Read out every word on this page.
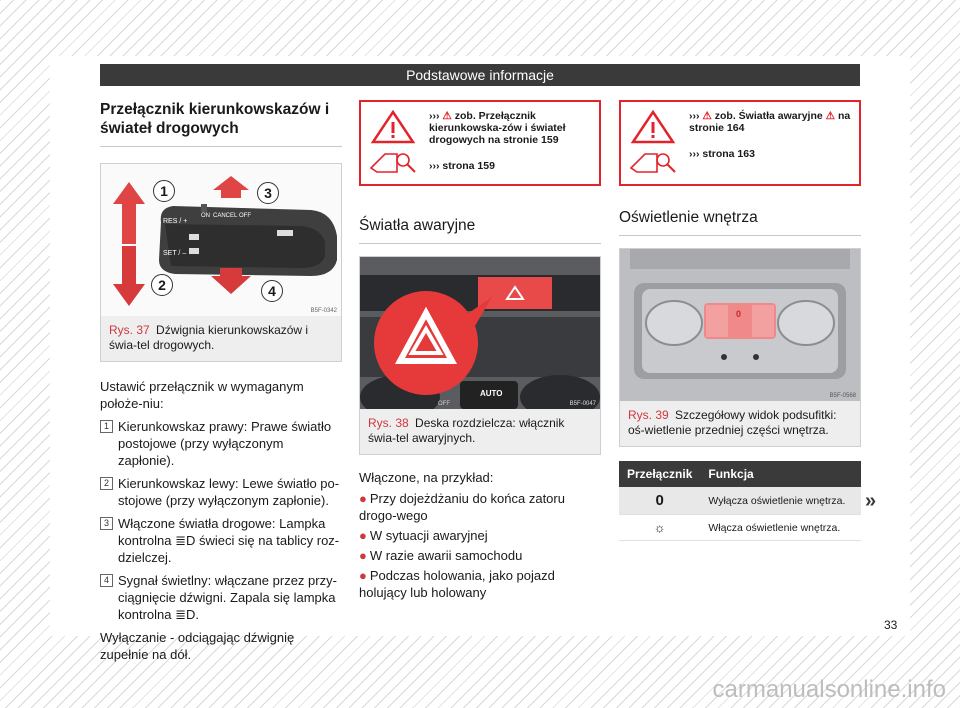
Podstawowe informacje
Przełącznik kierunkowskazów i świateł drogowych
RES / +
ON CANCEL OFF
SET / –
1
2
3
4
B5F-0342
Rys. 37 Dźwignia kierunkowskazów i świa-tel drogowych.

Ustawić przełącznik w wymaganym położe-niu:

1 Kierunkowskaz prawy: Prawe światło postojowe (przy wyłączonym zapłonie).
2 Kierunkowskaz lewy: Lewe światło po-stojowe (przy wyłączonym zapłonie).
3 Włączone światła drogowe: Lampka kontrolna ≣D świeci się na tablicy roz-dzielczej.
4 Sygnał świetlny: włączane przez przy-ciągnięcie dźwigni. Zapala się lampka kontrolna ≣D.

Wyłączanie - odciągając dźwignię zupełnie na dół.

››› ⚠ zob. Przełącznik kierunkowska-zów i świateł drogowych na stronie 159
››› strona 159
Światła awaryjne
AUTO
OFF	B5F-0047
Rys. 38 Deska rozdzielcza: włącznik świa-tel awaryjnych.

Włączone, na przykład:

● Przy dojeżdżaniu do końca zatoru drogo-wego
● W sytuacji awaryjnej
● W razie awarii samochodu
● Podczas holowania, jako pojazd holujący lub holowany
››› ⚠ zob. Światła awaryjne ⚠ na stronie 164
››› strona 163
Oświetlenie wnętrza
0
B5F-0568
Rys. 39 Szczegółowy widok podsufitki: oś-wietlenie przedniej części wnętrza.
Przełącznik	Funkcja
0	Wyłącza oświetlenie wnętrza.
☼	Włącza oświetlenie wnętrza.
»
33
carmanualsonline.info
